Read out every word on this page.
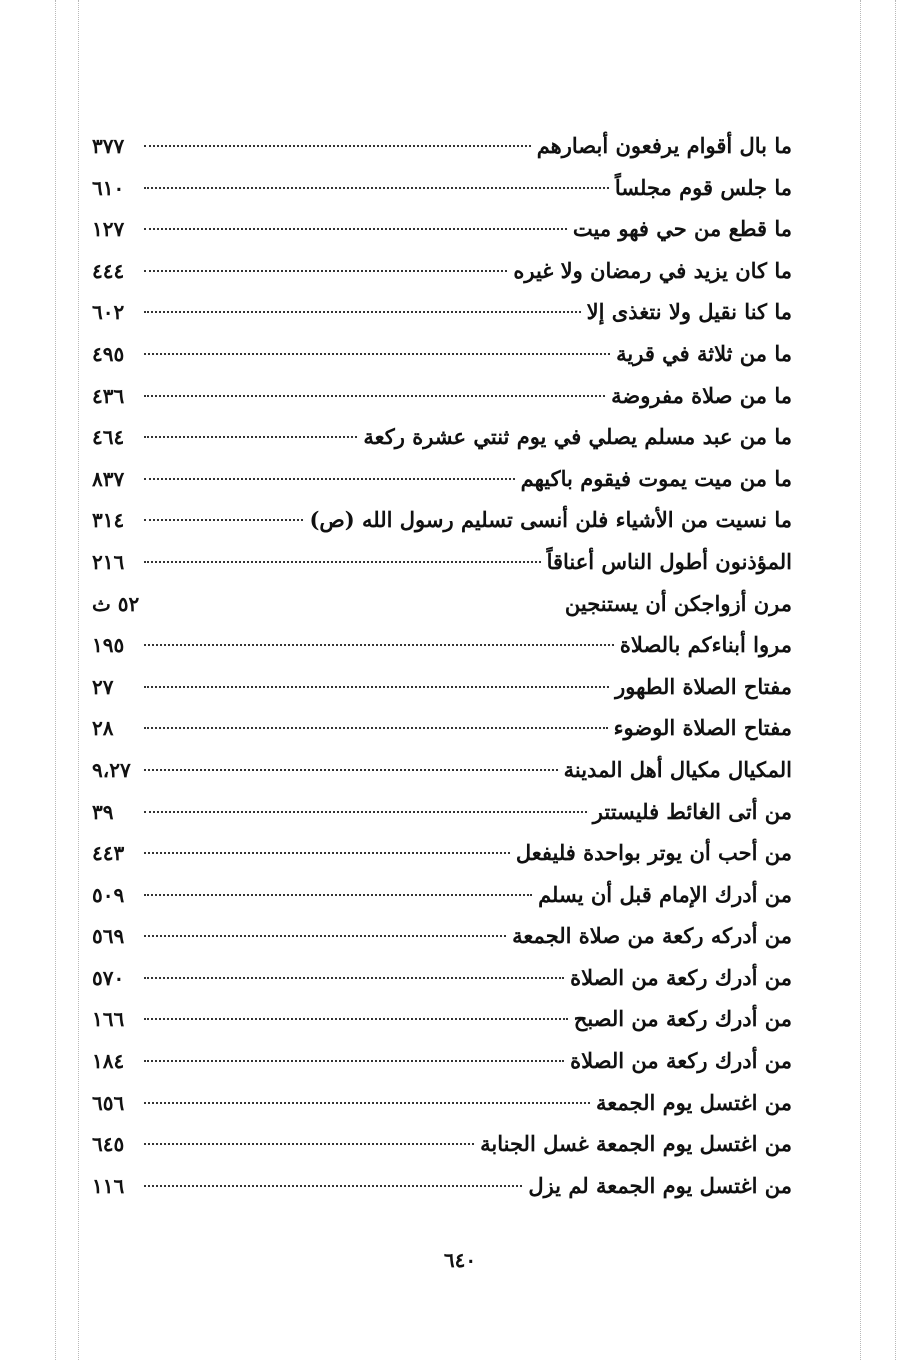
ما بال أقوام يرفعون أبصارهم
٣٧٧
ما جلس قوم مجلساً
٦١٠
ما قطع من حي فهو ميت
١٢٧
ما كان يزيد في رمضان ولا غيره
٤٤٤
ما كنا نقيل ولا نتغذى إلا
٦٠٢
ما من ثلاثة في قرية
٤٩٥
ما من صلاة مفروضة
٤٣٦
ما من عبد مسلم يصلي في يوم ثنتي عشرة ركعة
٤٦٤
ما من ميت يموت فيقوم باكيهم
٨٣٧
ما نسيت من الأشياء فلن أنسى تسليم رسول الله (ص)
٣١٤
المؤذنون أطول الناس أعناقاً
٢١٦
مرن أزواجكن أن يستنجين
٥٢ ث
مروا أبناءكم بالصلاة
١٩٥
مفتاح الصلاة الطهور
٢٧
مفتاح الصلاة الوضوء
٢٨
المكيال مكيال أهل المدينة
٩،٢٧
من أتى الغائط فليستتر
٣٩
من أحب أن يوتر بواحدة فليفعل
٤٤٣
من أدرك الإمام قبل أن يسلم
٥٠٩
من أدركه ركعة من صلاة الجمعة
٥٦٩
من أدرك ركعة من الصلاة
٥٧٠
من أدرك ركعة من الصبح
١٦٦
من أدرك ركعة من الصلاة
١٨٤
من اغتسل يوم الجمعة
٦٥٦
من اغتسل يوم الجمعة غسل الجنابة
٦٤٥
من اغتسل يوم الجمعة لم يزل
١١٦
٦٤٠
